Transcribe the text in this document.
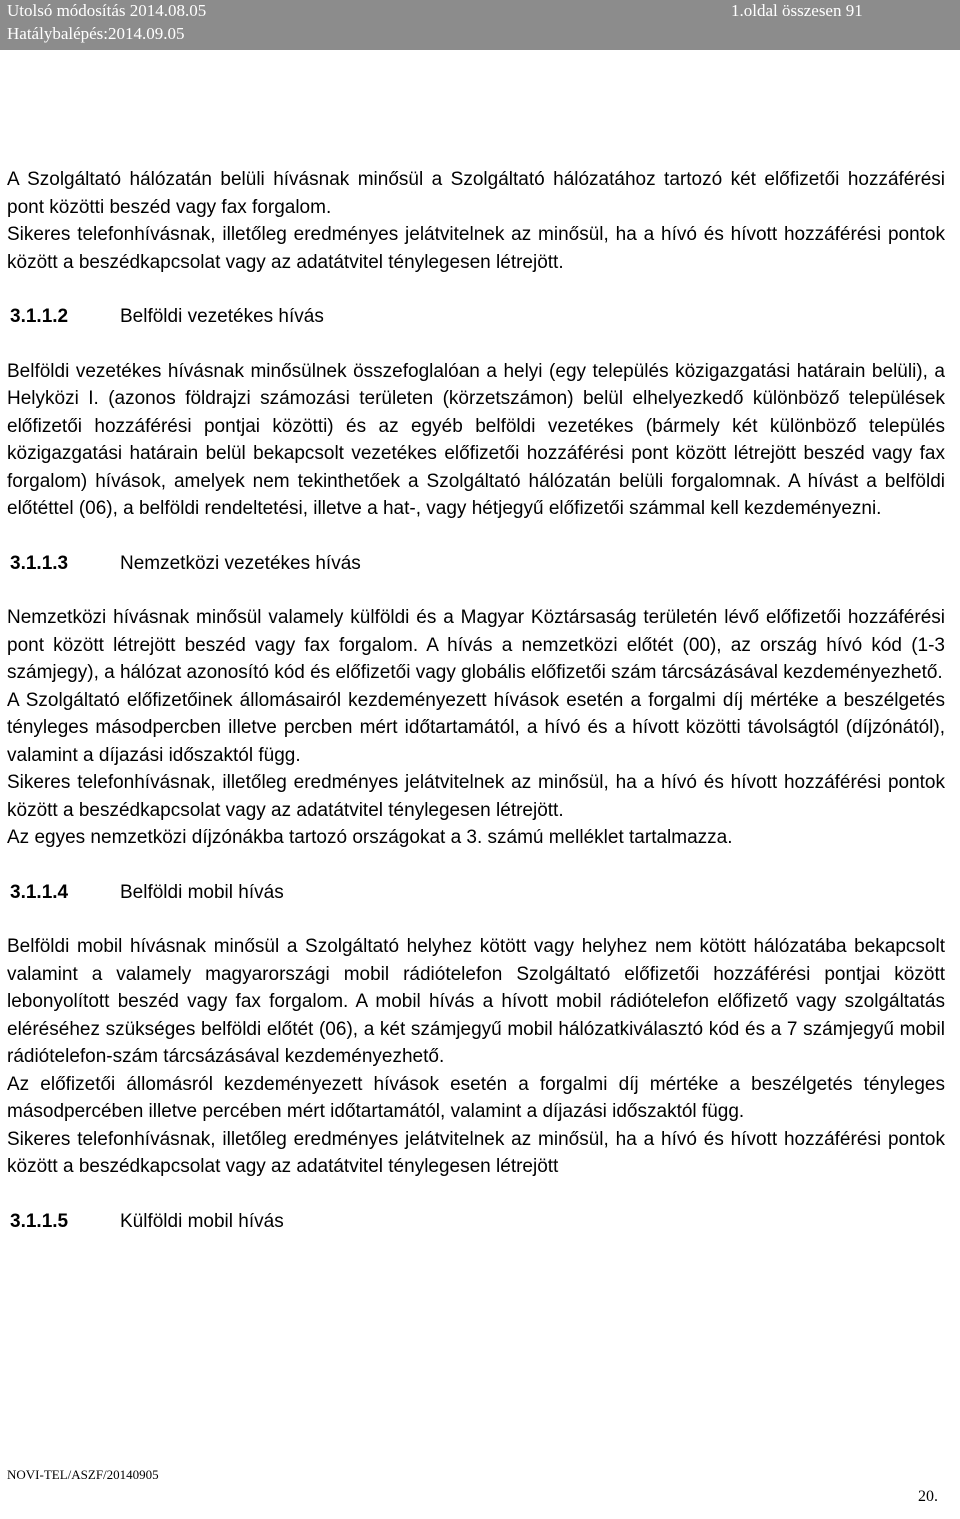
Utolsó módosítás 2014.08.05
Hatálybalépés:2014.09.05
1.oldal összesen 91

A Szolgáltató hálózatán belüli hívásnak minősül a Szolgáltató hálózatához tartozó két előfizetői hozzáférési pont közötti beszéd vagy fax forgalom.

Sikeres telefonhívásnak, illetőleg eredményes jelátvitelnek az minősül, ha a hívó és hívott hozzáférési pontok között a beszédkapcsolat vagy az adatátvitel ténylegesen létrejött.

3.1.1.2	Belföldi vezetékes hívás

Belföldi vezetékes hívásnak minősülnek összefoglalóan a helyi (egy település közigazgatási határain belüli), a Helyközi I. (azonos földrajzi számozási területen (körzetszámon) belül elhelyezkedő különböző települések előfizetői hozzáférési pontjai közötti) és az egyéb belföldi vezetékes (bármely két különböző település közigazgatási határain belül bekapcsolt vezetékes előfizetői hozzáférési pont között létrejött beszéd vagy fax forgalom) hívások, amelyek nem tekinthetőek a Szolgáltató hálózatán belüli forgalomnak. A hívást a belföldi előtéttel (06), a belföldi rendeltetési, illetve a hat-, vagy hétjegyű előfizetői számmal kell kezdeményezni.

3.1.1.3	Nemzetközi vezetékes hívás

Nemzetközi hívásnak minősül valamely külföldi és a Magyar Köztársaság területén lévő előfizetői hozzáférési pont között létrejött beszéd vagy fax forgalom. A hívás a nemzetközi előtét (00), az ország hívó kód (1-3 számjegy), a hálózat azonosító kód és előfizetői vagy globális előfizetői szám tárcsázásával kezdeményezhető.

A Szolgáltató előfizetőinek állomásairól kezdeményezett hívások esetén a forgalmi díj mértéke a beszélgetés tényleges másodpercben illetve percben mért időtartamától, a hívó és a hívott közötti távolságtól (díjzónától), valamint a díjazási időszaktól függ.

Sikeres telefonhívásnak, illetőleg eredményes jelátvitelnek az minősül, ha a hívó és hívott hozzáférési pontok között a beszédkapcsolat vagy az adatátvitel ténylegesen létrejött.

Az egyes nemzetközi díjzónákba tartozó országokat a 3. számú melléklet tartalmazza.

3.1.1.4	Belföldi mobil hívás

Belföldi mobil hívásnak minősül a Szolgáltató helyhez kötött vagy helyhez nem kötött hálózatába bekapcsolt valamint a valamely magyarországi mobil rádiótelefon Szolgáltató előfizetői hozzáférési pontjai között lebonyolított beszéd vagy fax forgalom. A mobil hívás a hívott mobil rádiótelefon előfizető vagy szolgáltatás eléréséhez szükséges belföldi előtét (06), a két számjegyű mobil hálózatkiválasztó kód és a 7 számjegyű mobil rádiótelefon-szám tárcsázásával kezdeményezhető.

Az előfizetői állomásról kezdeményezett hívások esetén a forgalmi díj mértéke a beszélgetés tényleges másodpercében illetve percében mért időtartamától, valamint a díjazási időszaktól függ.

Sikeres telefonhívásnak, illetőleg eredményes jelátvitelnek az minősül, ha a hívó és hívott hozzáférési pontok között a beszédkapcsolat vagy az adatátvitel ténylegesen létrejött

3.1.1.5	Külföldi mobil hívás
NOVI-TEL/ASZF/20140905
20.
